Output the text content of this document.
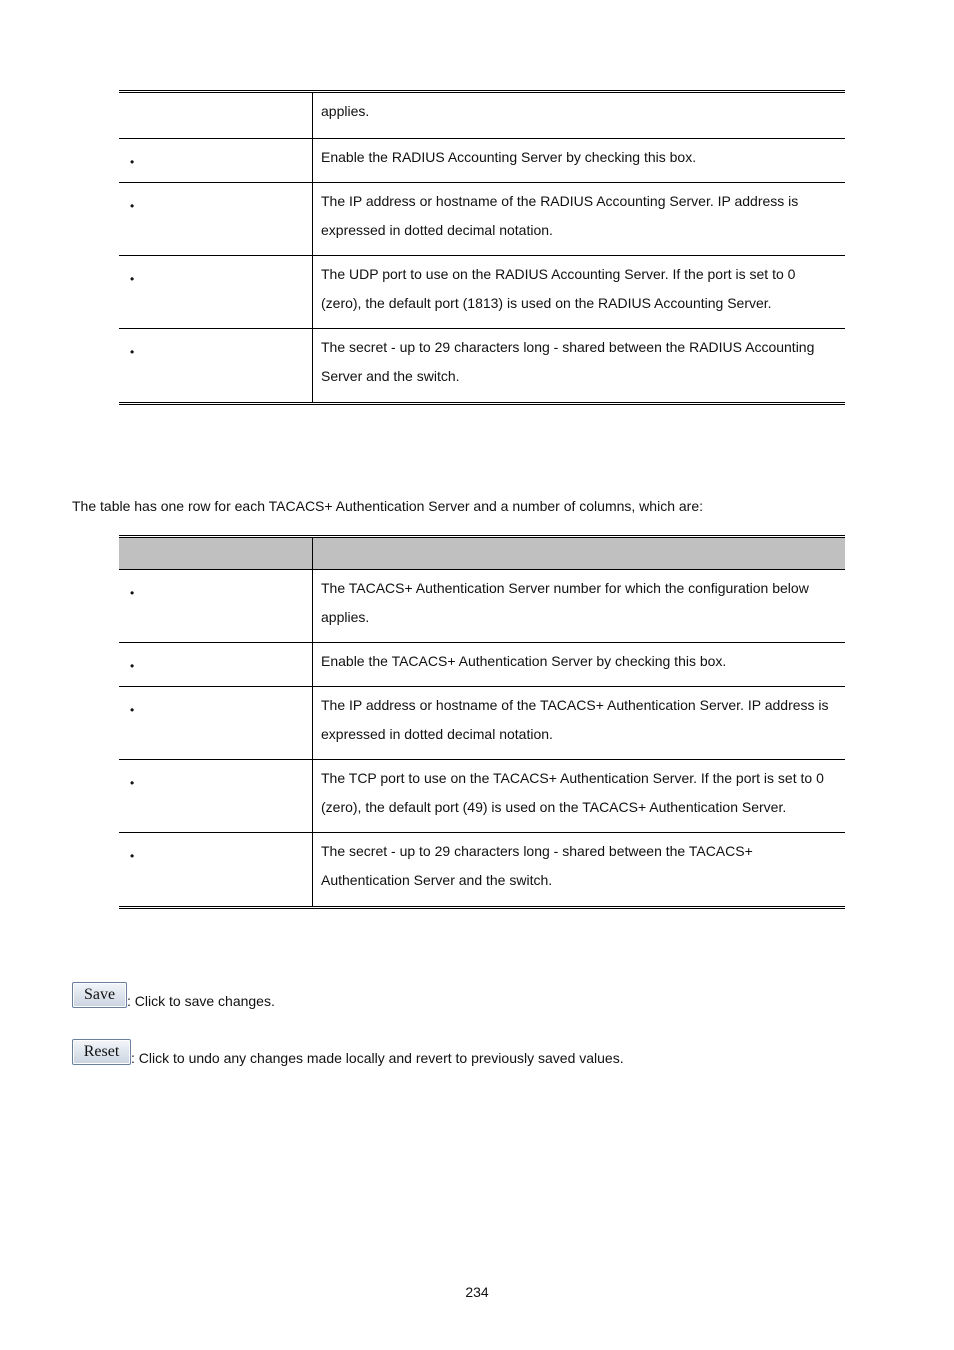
applies.
•	Enable the RADIUS Accounting Server by checking this box.
•	The IP address or hostname of the RADIUS Accounting Server. IP address is expressed in dotted decimal notation.
•	The UDP port to use on the RADIUS Accounting Server. If the port is set to 0 (zero), the default port (1813) is used on the RADIUS Accounting Server.
•	The secret - up to 29 characters long - shared between the RADIUS Accounting Server and the switch.
The table has one row for each TACACS+ Authentication Server and a number of columns, which are:
•	The TACACS+ Authentication Server number for which the configuration below applies.
•	Enable the TACACS+ Authentication Server by checking this box.
•	The IP address or hostname of the TACACS+ Authentication Server. IP address is expressed in dotted decimal notation.
•	The TCP port to use on the TACACS+ Authentication Server. If the port is set to 0 (zero), the default port (49) is used on the TACACS+ Authentication Server.
•	The secret - up to 29 characters long - shared between the TACACS+ Authentication Server and the switch.
Save : Click to save changes.
Reset : Click to undo any changes made locally and revert to previously saved values.
234
